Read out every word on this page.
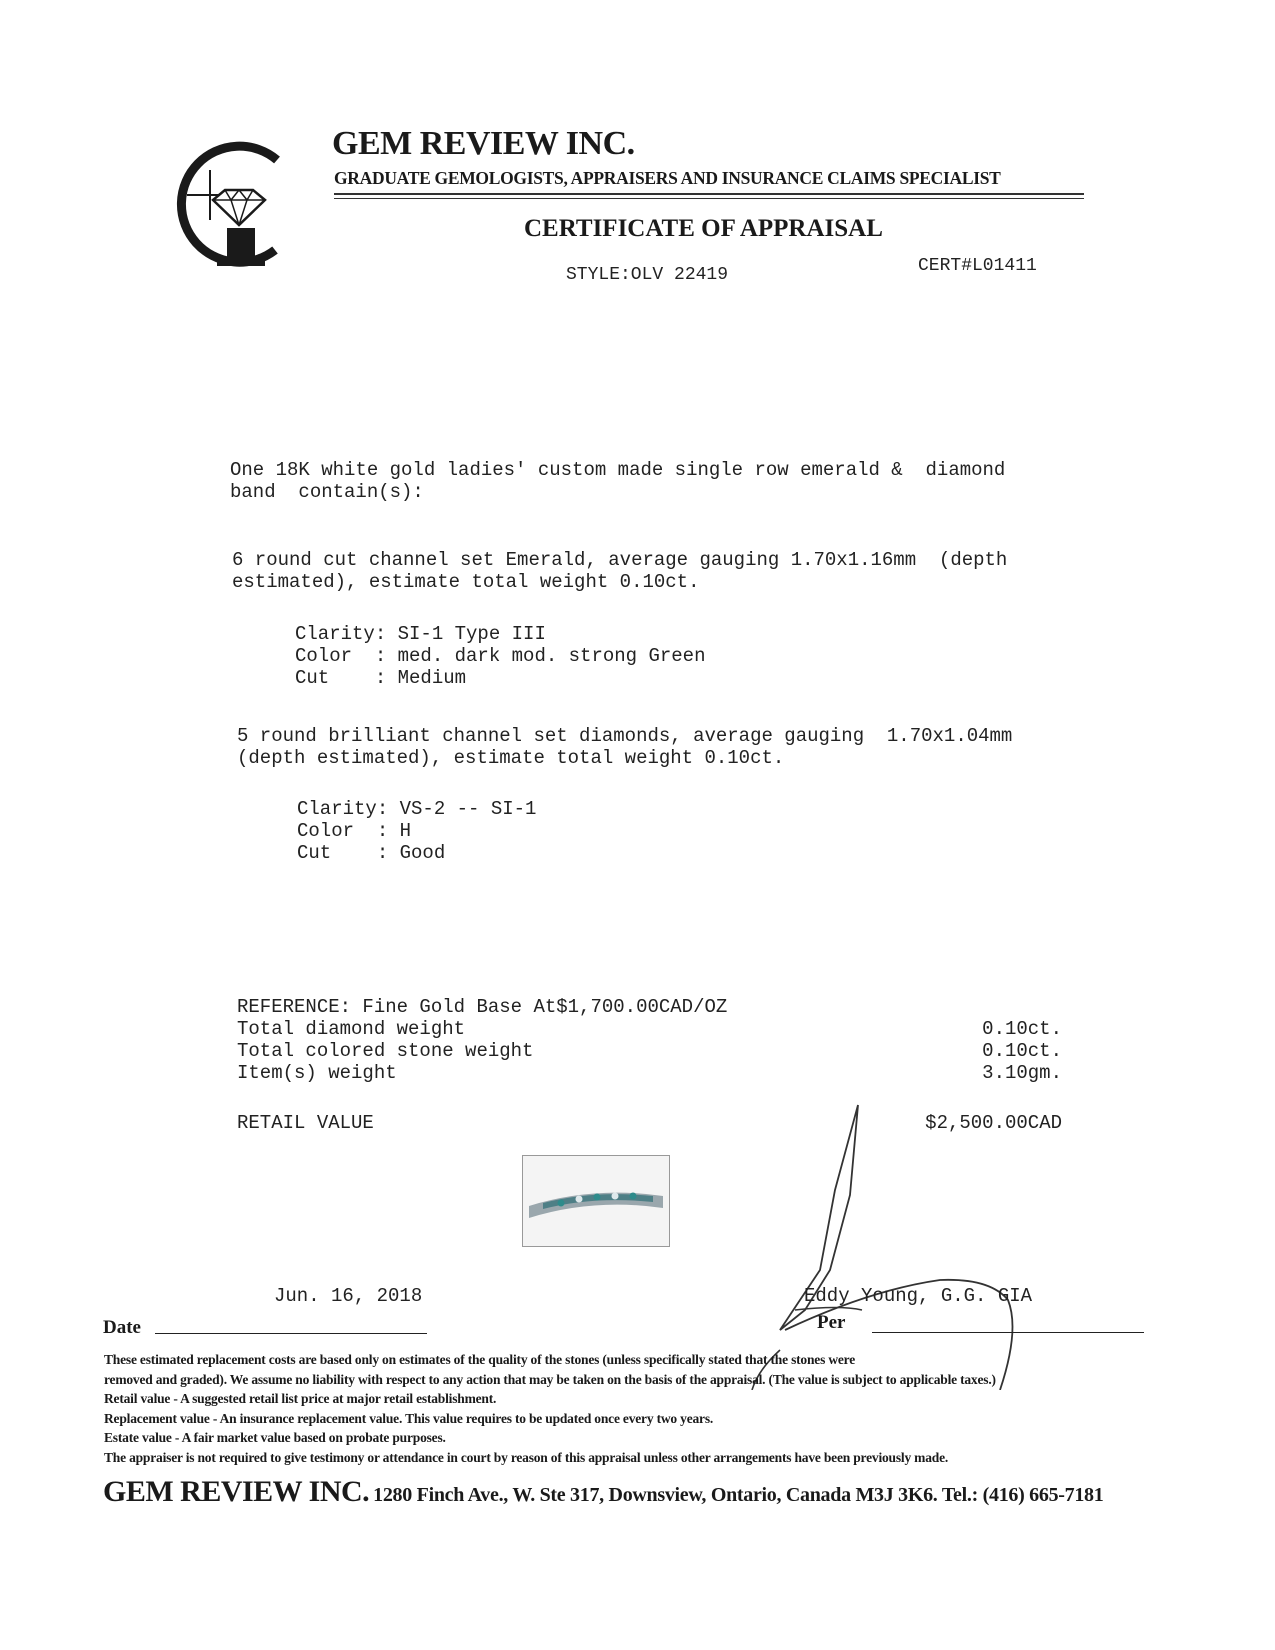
GEM REVIEW INC.
GRADUATE GEMOLOGISTS, APPRAISERS AND INSURANCE CLAIMS SPECIALIST
CERTIFICATE OF APPRAISAL
STYLE:OLV 22419	CERT#L01411
One 18K white gold ladies' custom made single row emerald &  diamond
band  contain(s):
6 round cut channel set Emerald, average gauging 1.70x1.16mm  (depth
estimated), estimate total weight 0.10ct.
Clarity: SI-1 Type III
Color  : med. dark mod. strong Green
Cut    : Medium
5 round brilliant channel set diamonds, average gauging  1.70x1.04mm
(depth estimated), estimate total weight 0.10ct.
Clarity: VS-2 -- SI-1
Color  : H
Cut    : Good
REFERENCE: Fine Gold Base At$1,700.00CAD/OZ
Total diamond weight	0.10ct.
Total colored stone weight	0.10ct.
Item(s) weight	3.10gm.
RETAIL VALUE	$2,500.00CAD
Jun. 16, 2018	Eddy Young, G.G. GIA
Date	Per
These estimated replacement costs are based only on estimates of the quality of the stones (unless specifically stated that the stones were
removed and graded). We assume no liability with respect to any action that may be taken on the basis of the appraisal. (The value is subject to applicable taxes.)
Retail value - A suggested retail list price at major retail establishment.
Replacement value - An insurance replacement value. This value requires to be updated once every two years.
Estate value - A fair market value based on probate purposes.
The appraiser is not required to give testimony or attendance in court by reason of this appraisal unless other arrangements have been previously made.
GEM REVIEW INC. 1280 Finch Ave., W. Ste 317, Downsview, Ontario, Canada M3J 3K6. Tel.: (416) 665-7181
